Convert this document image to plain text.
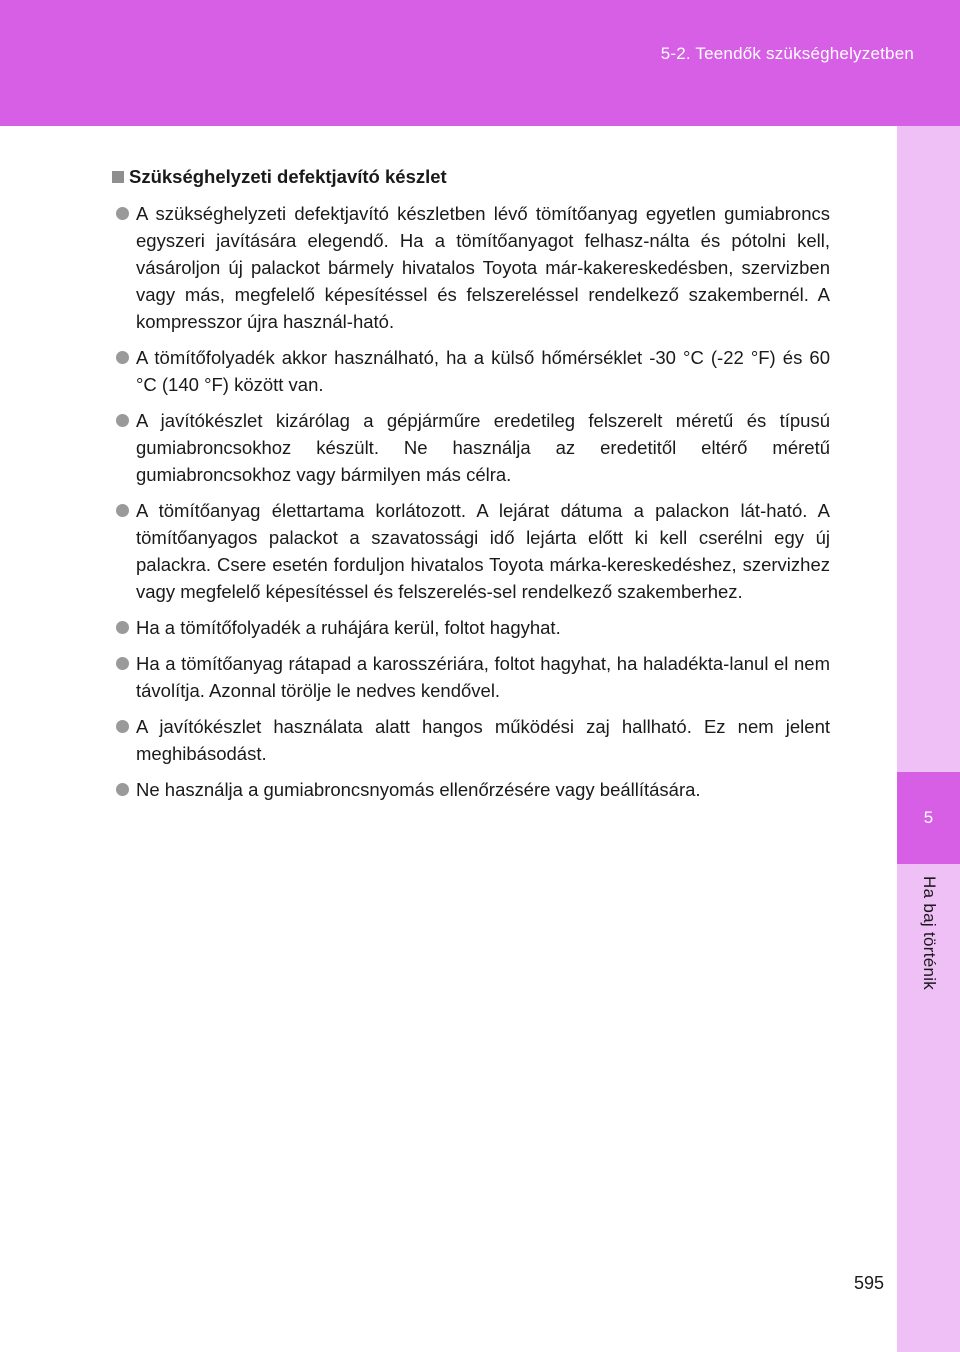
5-2. Teendők szükséghelyzetben
5
Ha baj történik
Szükséghelyzeti defektjavító készlet
A szükséghelyzeti defektjavító készletben lévő tömítőanyag egyetlen gumiabroncs egyszeri javítására elegendő. Ha a tömítőanyagot felhasz-nálta és pótolni kell, vásároljon új palackot bármely hivatalos Toyota már-kakereskedésben, szervizben vagy más, megfelelő képesítéssel és felszereléssel rendelkező szakembernél. A kompresszor újra használ-ható.
A tömítőfolyadék akkor használható, ha a külső hőmérséklet -30 °C (-22 °F) és 60 °C (140 °F) között van.
A javítókészlet kizárólag a gépjárműre eredetileg felszerelt méretű és típusú gumiabroncsokhoz készült. Ne használja az eredetitől eltérő méretű gumiabroncsokhoz vagy bármilyen más célra.
A tömítőanyag élettartama korlátozott. A lejárat dátuma a palackon lát-ható. A tömítőanyagos palackot a szavatossági idő lejárta előtt ki kell cserélni egy új palackra. Csere esetén forduljon hivatalos Toyota márka-kereskedéshez, szervizhez vagy megfelelő képesítéssel és felszerelés-sel rendelkező szakemberhez.
Ha a tömítőfolyadék a ruhájára kerül, foltot hagyhat.
Ha a tömítőanyag rátapad a karosszériára, foltot hagyhat, ha haladékta-lanul el nem távolítja. Azonnal törölje le nedves kendővel.
A javítókészlet használata alatt hangos működési zaj hallható. Ez nem jelent meghibásodást.
Ne használja a gumiabroncsnyomás ellenőrzésére vagy beállítására.
595
